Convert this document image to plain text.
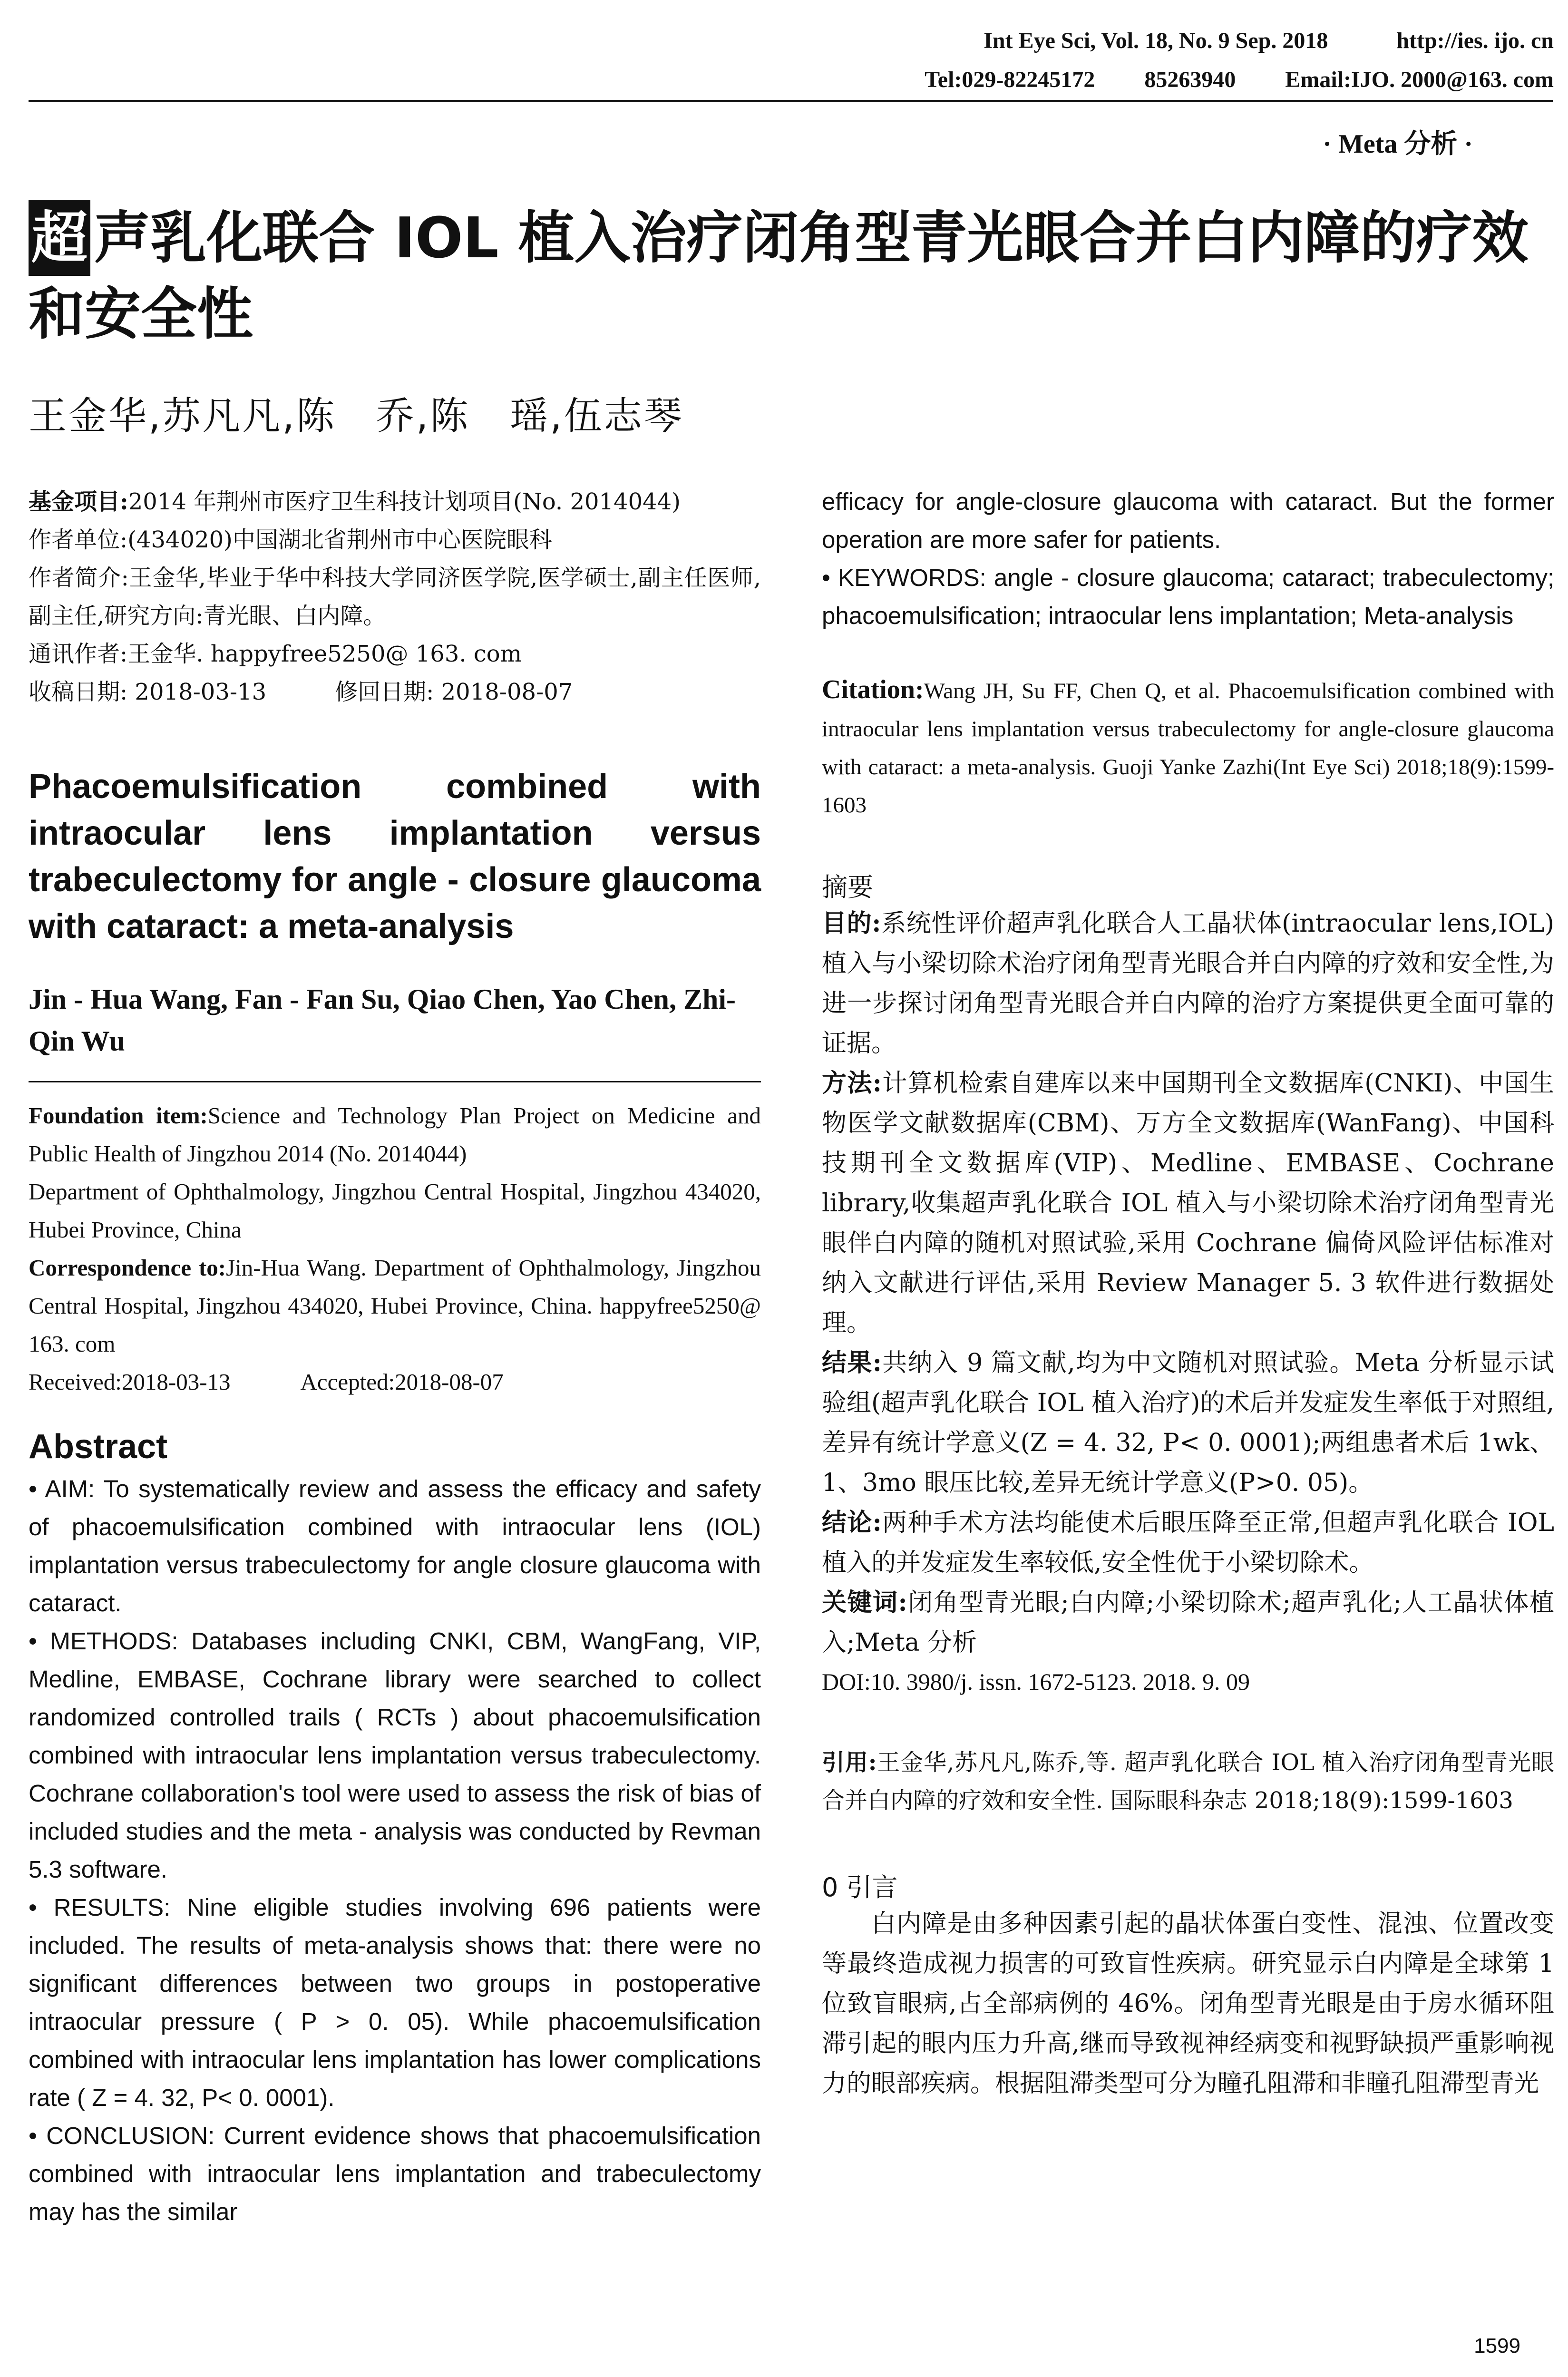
Int Eye Sci, Vol. 18, No. 9 Sep. 2018	http://ies. ijo. cn
Tel:029-82245172 85263940 Email:IJO. 2000@163. com
· Meta 分析 ·
超 声乳化联合 IOL 植入治疗闭角型青光眼合并白内障的疗效和安全性
王金华,苏凡凡,陈　乔,陈　瑶,伍志琴
基金项目:2014 年荆州市医疗卫生科技计划项目(No. 2014044)
作者单位:(434020)中国湖北省荆州市中心医院眼科
作者简介:王金华,毕业于华中科技大学同济医学院,医学硕士,副主任医师,副主任,研究方向:青光眼、白内障。
通讯作者:王金华. happyfree5250@ 163. com
收稿日期: 2018-03-13　　　修回日期: 2018-08-07

Phacoemulsification combined with intraocular lens implantation versus trabeculectomy for angle - closure glaucoma with cataract: a meta-analysis

Jin - Hua Wang, Fan - Fan Su, Qiao Chen, Yao Chen, Zhi-Qin Wu

Foundation item:Science and Technology Plan Project on Medicine and Public Health of Jingzhou 2014 (No. 2014044)
Department of Ophthalmology, Jingzhou Central Hospital, Jingzhou 434020, Hubei Province, China
Correspondence to:Jin-Hua Wang. Department of Ophthalmology, Jingzhou Central Hospital, Jingzhou 434020, Hubei Province, China. happyfree5250@ 163. com
Received:2018-03-13　　　Accepted:2018-08-07
Abstract
• AIM: To systematically review and assess the efficacy and safety of phacoemulsification combined with intraocular lens (IOL) implantation versus trabeculectomy for angle closure glaucoma with cataract.
• METHODS: Databases including CNKI, CBM, WangFang, VIP, Medline, EMBASE, Cochrane library were searched to collect randomized controlled trails ( RCTs ) about phacoemulsification combined with intraocular lens implantation versus trabeculectomy. Cochrane collaboration's tool were used to assess the risk of bias of included studies and the meta - analysis was conducted by Revman 5.3 software.
• RESULTS: Nine eligible studies involving 696 patients were included. The results of meta-analysis shows that: there were no significant differences between two groups in postoperative intraocular pressure ( P > 0. 05). While phacoemulsification combined with intraocular lens implantation has lower complications rate ( Z = 4. 32, P< 0. 0001).
• CONCLUSION: Current evidence shows that phacoemulsification combined with intraocular lens implantation and trabeculectomy may has the similar
efficacy for angle-closure glaucoma with cataract. But the former operation are more safer for patients.
• KEYWORDS: angle - closure glaucoma; cataract; trabeculectomy; phacoemulsification; intraocular lens implantation; Meta-analysis
Citation:Wang JH, Su FF, Chen Q, et al. Phacoemulsification combined with intraocular lens implantation versus trabeculectomy for angle-closure glaucoma with cataract: a meta-analysis. Guoji Yanke Zazhi(Int Eye Sci) 2018;18(9):1599-1603
摘要
目的:系统性评价超声乳化联合人工晶状体(intraocular lens,IOL)植入与小梁切除术治疗闭角型青光眼合并白内障的疗效和安全性,为进一步探讨闭角型青光眼合并白内障的治疗方案提供更全面可靠的证据。
方法:计算机检索自建库以来中国期刊全文数据库(CNKI)、中国生物医学文献数据库(CBM)、万方全文数据库(WanFang)、中国科技期刊全文数据库(VIP)、Medline、EMBASE、Cochrane library,收集超声乳化联合 IOL 植入与小梁切除术治疗闭角型青光眼伴白内障的随机对照试验,采用 Cochrane 偏倚风险评估标准对纳入文献进行评估,采用 Review Manager 5. 3 软件进行数据处理。
结果:共纳入 9 篇文献,均为中文随机对照试验。Meta 分析显示试验组(超声乳化联合 IOL 植入治疗)的术后并发症发生率低于对照组,差异有统计学意义(Z = 4. 32, P< 0. 0001);两组患者术后 1wk、1、3mo 眼压比较,差异无统计学意义(P>0. 05)。
结论:两种手术方法均能使术后眼压降至正常,但超声乳化联合 IOL 植入的并发症发生率较低,安全性优于小梁切除术。
关键词:闭角型青光眼;白内障;小梁切除术;超声乳化;人工晶状体植入;Meta 分析
DOI:10. 3980/j. issn. 1672-5123. 2018. 9. 09
引用:王金华,苏凡凡,陈乔,等. 超声乳化联合 IOL 植入治疗闭角型青光眼合并白内障的疗效和安全性. 国际眼科杂志 2018;18(9):1599-1603
0 引言
白内障是由多种因素引起的晶状体蛋白变性、混浊、位置改变等最终造成视力损害的可致盲性疾病。研究显示白内障是全球第 1 位致盲眼病,占全部病例的 46%。闭角型青光眼是由于房水循环阻滞引起的眼内压力升高,继而导致视神经病变和视野缺损严重影响视力的眼部疾病。根据阻滞类型可分为瞳孔阻滞和非瞳孔阻滞型青光
1599
